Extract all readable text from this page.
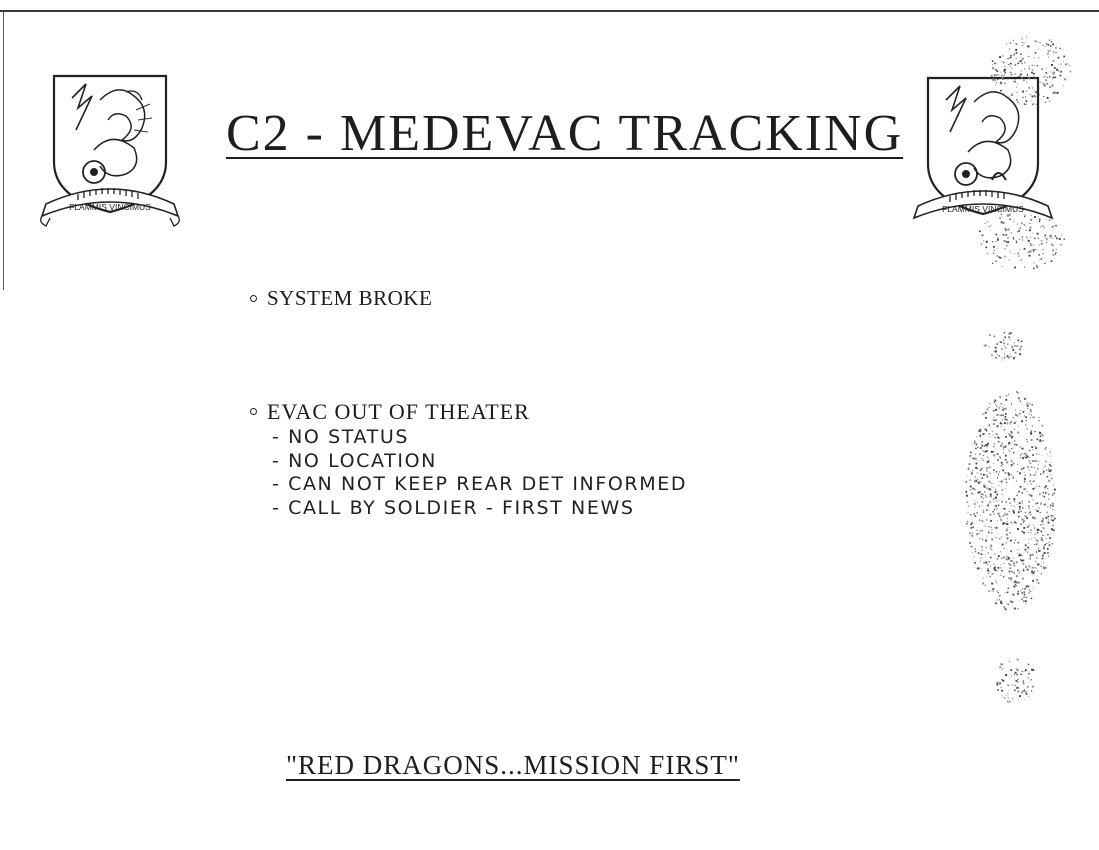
FLAMMIS VINCIMUS	FLAMMIS VINCIMUS
C2 - MEDEVAC TRACKING
SYSTEM BROKE
EVAC OUT OF THEATER
- NO STATUS
- NO LOCATION
- CAN NOT KEEP REAR DET INFORMED
- CALL BY SOLDIER - FIRST NEWS
"RED DRAGONS...MISSION FIRST"
